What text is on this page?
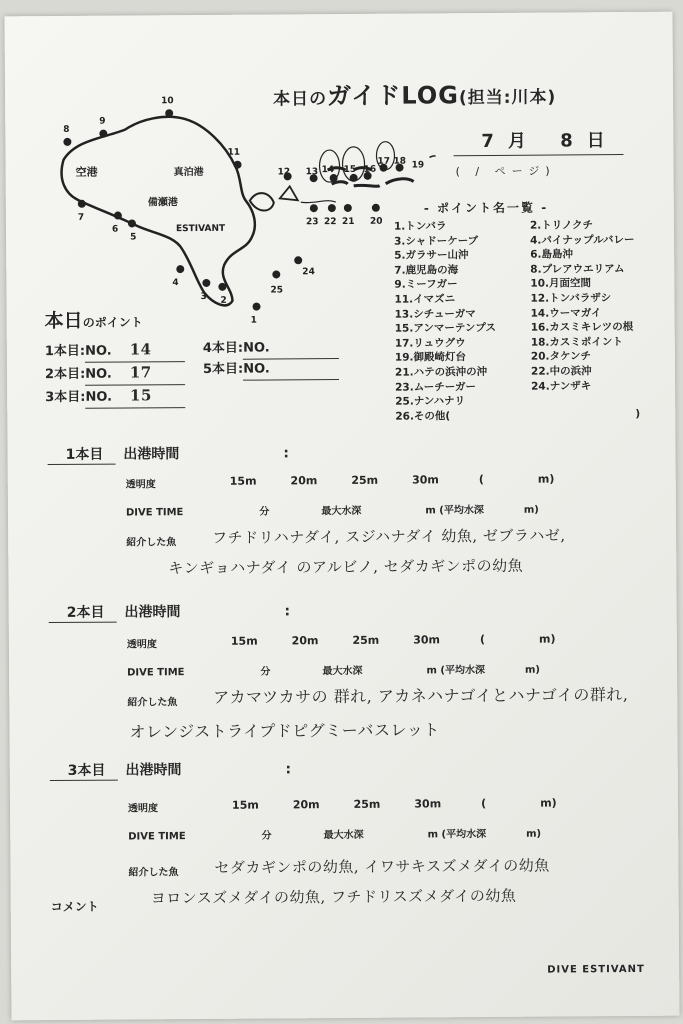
本日のガイドLOG(担当:川本)
7月 8日
( / ページ)
空港	真泊港
備瀬港
ESTIVANT
10
8
9
11
7
6
5
4
3 2
1
25
24
12 13 14 15 16
17 18 19
23 22 21 20
- ポイント名一覧 -
1.トンバラ
3.シャドーケーブ
5.ガラサー山沖
7.鹿児島の海
9.ミーフガー
11.イマズニ
13.シチューガマ
15.アンマーテンプス
17.リュウグウ
19.御殿崎灯台
21.ハテの浜沖の沖
23.ムーチーガー
25.ナンハナリ
26.その他(
2.トリノクチ
4.パイナップルバレー
6.島島沖
8.プレアウエリアム
10.月面空間
12.トンバラザシ
14.ウーマガイ
16.カスミキレツの根
18.カスミポイント
20.タケンチ
22.中の浜沖
24.ナンザキ
)
本日のポイント
1本目:NO. 14
2本目:NO. 17
3本目:NO. 15
4本目:NO.
5本目:NO.
1本目 出港時間	:
透明度	15m	20m	25m	30m	(	m)
DIVE TIME	分	最大水深	m (平均水深	m)
紹介した魚 フチドリハナダイ, スジハナダイ 幼魚, ゼブラハゼ,
キンギョハナダイ のアルビノ, セダカギンポの幼魚
2本目 出港時間	:
透明度	15m	20m	25m	30m	(	m)
DIVE TIME	分	最大水深	m (平均水深	m)
紹介した魚 アカマツカサの 群れ, アカネハナゴイとハナゴイの群れ,
オレンジストライプドピグミーバスレット
3本目 出港時間	:
透明度	15m	20m	25m	30m	(	m)
DIVE TIME	分	最大水深	m (平均水深	m)
紹介した魚 セダカギンポの幼魚, イワサキスズメダイの幼魚
コメント	ヨロンスズメダイの幼魚, フチドリスズメダイの幼魚
DIVE ESTIVANT
